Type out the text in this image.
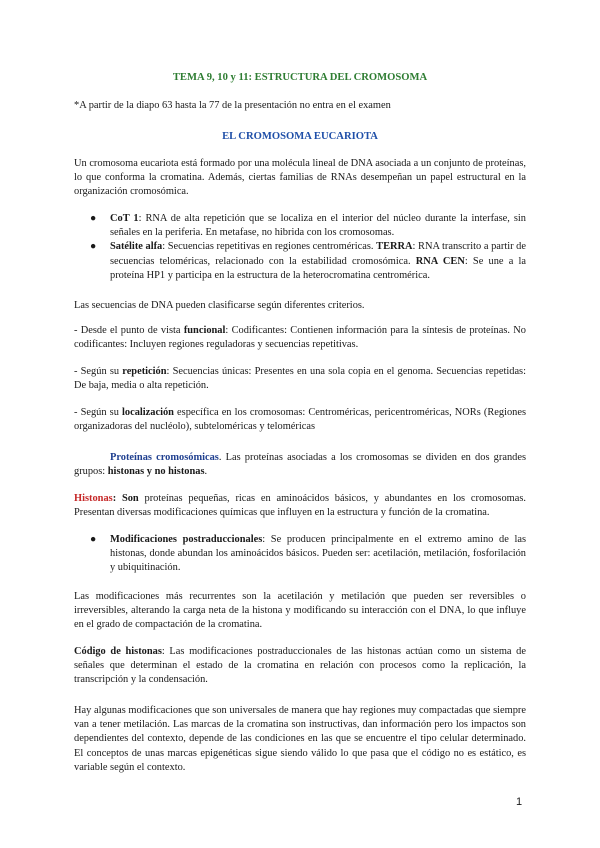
TEMA 9, 10 y 11: ESTRUCTURA DEL CROMOSOMA

*A partir de la diapo 63 hasta la 77 de la presentación no entra en el examen

EL CROMOSOMA EUCARIOTA

Un cromosoma eucariota está formado por una molécula lineal de DNA asociada a un conjunto de proteínas, lo que conforma la cromatina. Además, ciertas familias de RNAs desempeñan un papel estructural en la organización cromosómica.

● CoT 1: RNA de alta repetición que se localiza en el interior del núcleo durante la interfase, sin señales en la periferia. En metafase, no hibrida con los cromosomas.
● Satélite alfa: Secuencias repetitivas en regiones centroméricas. TERRA: RNA transcrito a partir de secuencias teloméricas, relacionado con la estabilidad cromosómica. RNA CEN: Se une a la proteína HP1 y participa en la estructura de la heterocromatina centromérica.

Las secuencias de DNA pueden clasificarse según diferentes criterios.

- Desde el punto de vista funcional: Codificantes: Contienen información para la síntesis de proteínas. No codificantes: Incluyen regiones reguladoras y secuencias repetitivas.

- Según su repetición: Secuencias únicas: Presentes en una sola copia en el genoma. Secuencias repetidas: De baja, media o alta repetición.

- Según su localización específica en los cromosomas: Centroméricas, pericentroméricas, NORs (Regiones organizadoras del nucléolo), subteloméricas y teloméricas

Proteínas cromosómicas. Las proteínas asociadas a los cromosomas se dividen en dos grandes grupos: histonas y no histonas.

Histonas: Son proteínas pequeñas, ricas en aminoácidos básicos, y abundantes en los cromosomas. Presentan diversas modificaciones químicas que influyen en la estructura y función de la cromatina.

● Modificaciones postraduccionales: Se producen principalmente en el extremo amino de las histonas, donde abundan los aminoácidos básicos. Pueden ser: acetilación, metilación, fosforilación y ubiquitinación.

Las modificaciones más recurrentes son la acetilación y metilación que pueden ser reversibles o irreversibles, alterando la carga neta de la histona y modificando su interacción con el DNA, lo que influye en el grado de compactación de la cromatina.

Código de histonas: Las modificaciones postraduccionales de las histonas actúan como un sistema de señales que determinan el estado de la cromatina en relación con procesos como la replicación, la transcripción y la condensación.

Hay algunas modificaciones que son universales de manera que hay regiones muy compactadas que siempre van a tener metilación. Las marcas de la cromatina son instructivas, dan información pero los impactos son dependientes del contexto, depende de las condiciones en las que se encuentre el tipo celular determinado. El conceptos de unas marcas epigenéticas sigue siendo válido lo que pasa que el código no es estático, es variable según el contexto.

1
